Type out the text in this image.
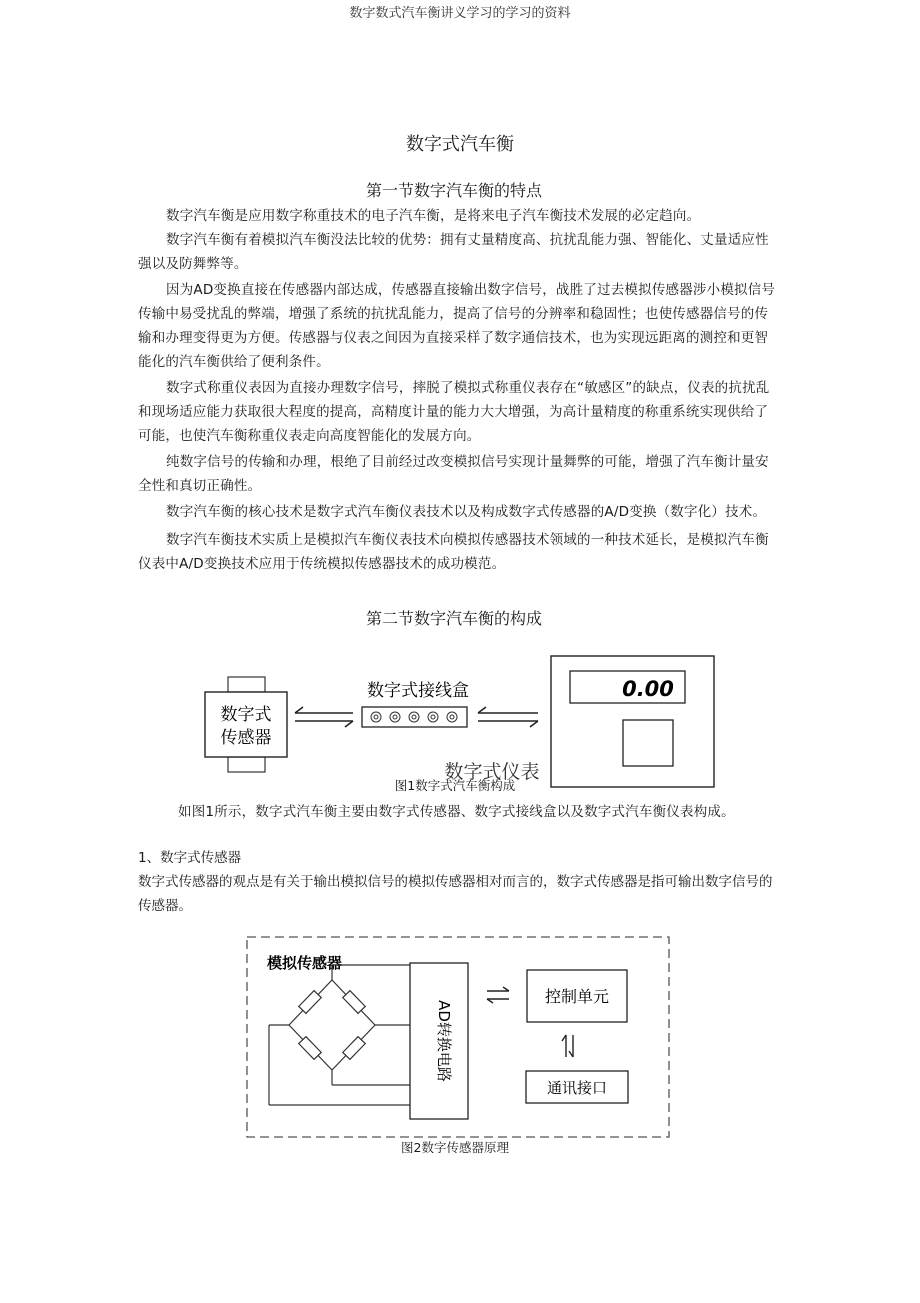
数字数式汽车衡讲义学习的学习的资料
数字式汽车衡
第一节数字汽车衡的特点

数字汽车衡是应用数字称重技术的电子汽车衡，是将来电子汽车衡技术发展的必定趋向。

数字汽车衡有着模拟汽车衡没法比较的优势：拥有丈量精度高、抗扰乱能力强、智能化、丈量适应性强以及防舞弊等。

因为AD变换直接在传感器内部达成，传感器直接输出数字信号，战胜了过去模拟传感器涉小模拟信号传输中易受扰乱的弊端，增强了系统的抗扰乱能力，提高了信号的分辨率和稳固性；也使传感器信号的传输和办理变得更为方便。传感器与仪表之间因为直接采样了数字通信技术，也为实现远距离的测控和更智能化的汽车衡供给了便利条件。

数字式称重仪表因为直接办理数字信号，摔脱了模拟式称重仪表存在“敏感区”的缺点，仪表的抗扰乱和现场适应能力获取很大程度的提高，高精度计量的能力大大增强，为高计量精度的称重系统实现供给了可能，也使汽车衡称重仪表走向高度智能化的发展方向。

纯数字信号的传输和办理，根绝了目前经过改变模拟信号实现计量舞弊的可能，增强了汽车衡计量安全性和真切正确性。

数字汽车衡的核心技术是数字式汽车衡仪表技术以及构成数字式传感器的A/D变换（数字化）技术。

数字汽车衡技术实质上是模拟汽车衡仪表技术向模拟传感器技术领域的一种技术延长，是模拟汽车衡仪表中A/D变换技术应用于传统模拟传感器技术的成功模范。

第二节数字汽车衡的构成
数字式
传感器
数字式接线盒	0.00
数字式仪表
图1数字式汽车衡构成

如图1所示，数字式汽车衡主要由数字式传感器、数字式接线盒以及数字式汽车衡仪表构成。

1、数字式传感器
数字式传感器的观点是有关于输出模拟信号的模拟传感器相对而言的，数字式传感器是指可输出数字信号的传感器。
模拟传感器
AD转换电路
控制单元
通讯接口
图2数字传感器原理
